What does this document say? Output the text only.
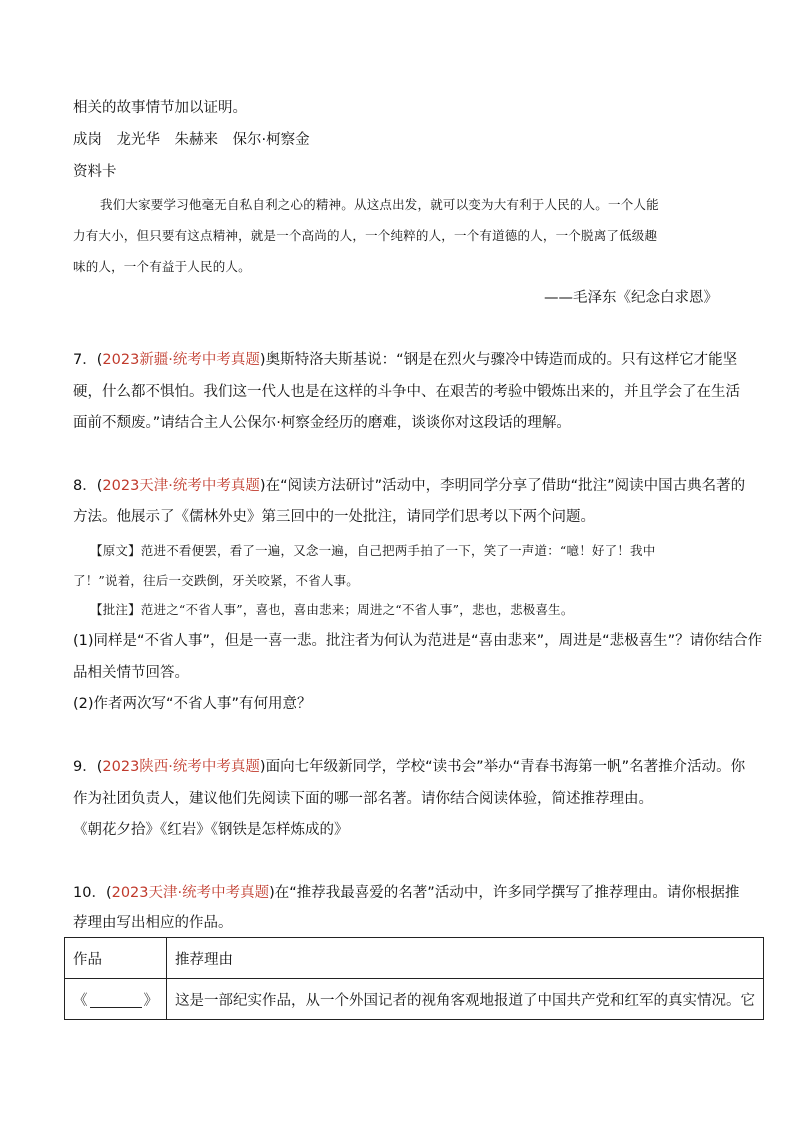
相关的故事情节加以证明。
成岗　龙光华　朱赫来　保尔·柯察金
资料卡
我们大家要学习他毫无自私自利之心的精神。从这点出发，就可以变为大有利于人民的人。一个人能
力有大小，但只要有这点精神，就是一个高尚的人，一个纯粹的人，一个有道德的人，一个脱离了低级趣
味的人，一个有益于人民的人。
——毛泽东《纪念白求恩》
7．(2023新疆·统考中考真题)奥斯特洛夫斯基说：“钢是在烈火与骤冷中铸造而成的。只有这样它才能坚
硬，什么都不惧怕。我们这一代人也是在这样的斗争中、在艰苦的考验中锻炼出来的，并且学会了在生活
面前不颓废。”请结合主人公保尔·柯察金经历的磨难，谈谈你对这段话的理解。
8．(2023天津·统考中考真题)在“阅读方法研讨”活动中，李明同学分享了借助“批注”阅读中国古典名著的
方法。他展示了《儒林外史》第三回中的一处批注，请同学们思考以下两个问题。
【原文】范进不看便罢，看了一遍，又念一遍，自己把两手拍了一下，笑了一声道：“噫！好了！我中
了！”说着，往后一交跌倒，牙关咬紧，不省人事。
【批注】范进之“不省人事”，喜也，喜由悲来；周进之“不省人事”，悲也，悲极喜生。
(1)同样是“不省人事”，但是一喜一悲。批注者为何认为范进是“喜由悲来”，周进是“悲极喜生”？请你结合作
品相关情节回答。
(2)作者两次写“不省人事”有何用意？
9．(2023陕西·统考中考真题)面向七年级新同学，学校“读书会”举办“青春书海第一帆”名著推介活动。你
作为社团负责人，建议他们先阅读下面的哪一部名著。请你结合阅读体验，简述推荐理由。
《朝花夕拾》《红岩》《钢铁是怎样炼成的》
10．(2023天津·统考中考真题)在“推荐我最喜爱的名著”活动中，许多同学撰写了推荐理由。请你根据推
荐理由写出相应的作品。
作品	推荐理由
《 》	这是一部纪实作品，从一个外国记者的视角客观地报道了中国共产党和红军的真实情况。它
